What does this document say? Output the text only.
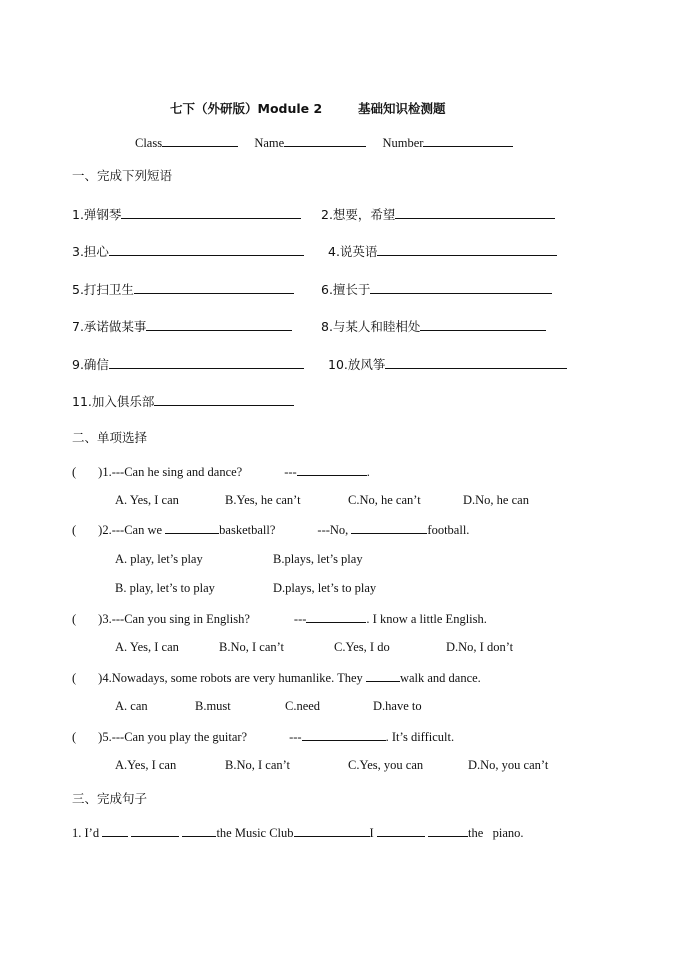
七下（外研版）Module 2	基础知识检测题
Class	Name	Number
一、完成下列短语
1.弹钢琴	2.想要，希望
3.担心	4.说英语
5.打扫卫生	6.擅长于
7.承诺做某事	8.与某人和睦相处
9.确信	10.放风筝
11.加入俱乐部
二、单项选择
( )1.---Can he sing and dance?	---	.
A. Yes, I can	B.Yes, he can’t	C.No, he can’t	D.No, he can
( )2.---Can we	basketball?	---No,	football.
A. play, let’s play	B.plays, let’s play
B. play, let’s to play	D.plays, let’s to play
( )3.---Can you sing in English?	---	. I know a little English.
A. Yes, I can	B.No, I can’t	C.Yes, I do	D.No, I don’t
( )4.Nowadays, some robots are very humanlike. They	walk and dance.
A. can	B.must	C.need	D.have to
( )5.---Can you play the guitar?	---	. It’s difficult.
A.Yes, I can	B.No, I can’t	C.Yes, you can	D.No, you can’t
三、完成句子
1. I’d	the Music Club	I	the piano.
